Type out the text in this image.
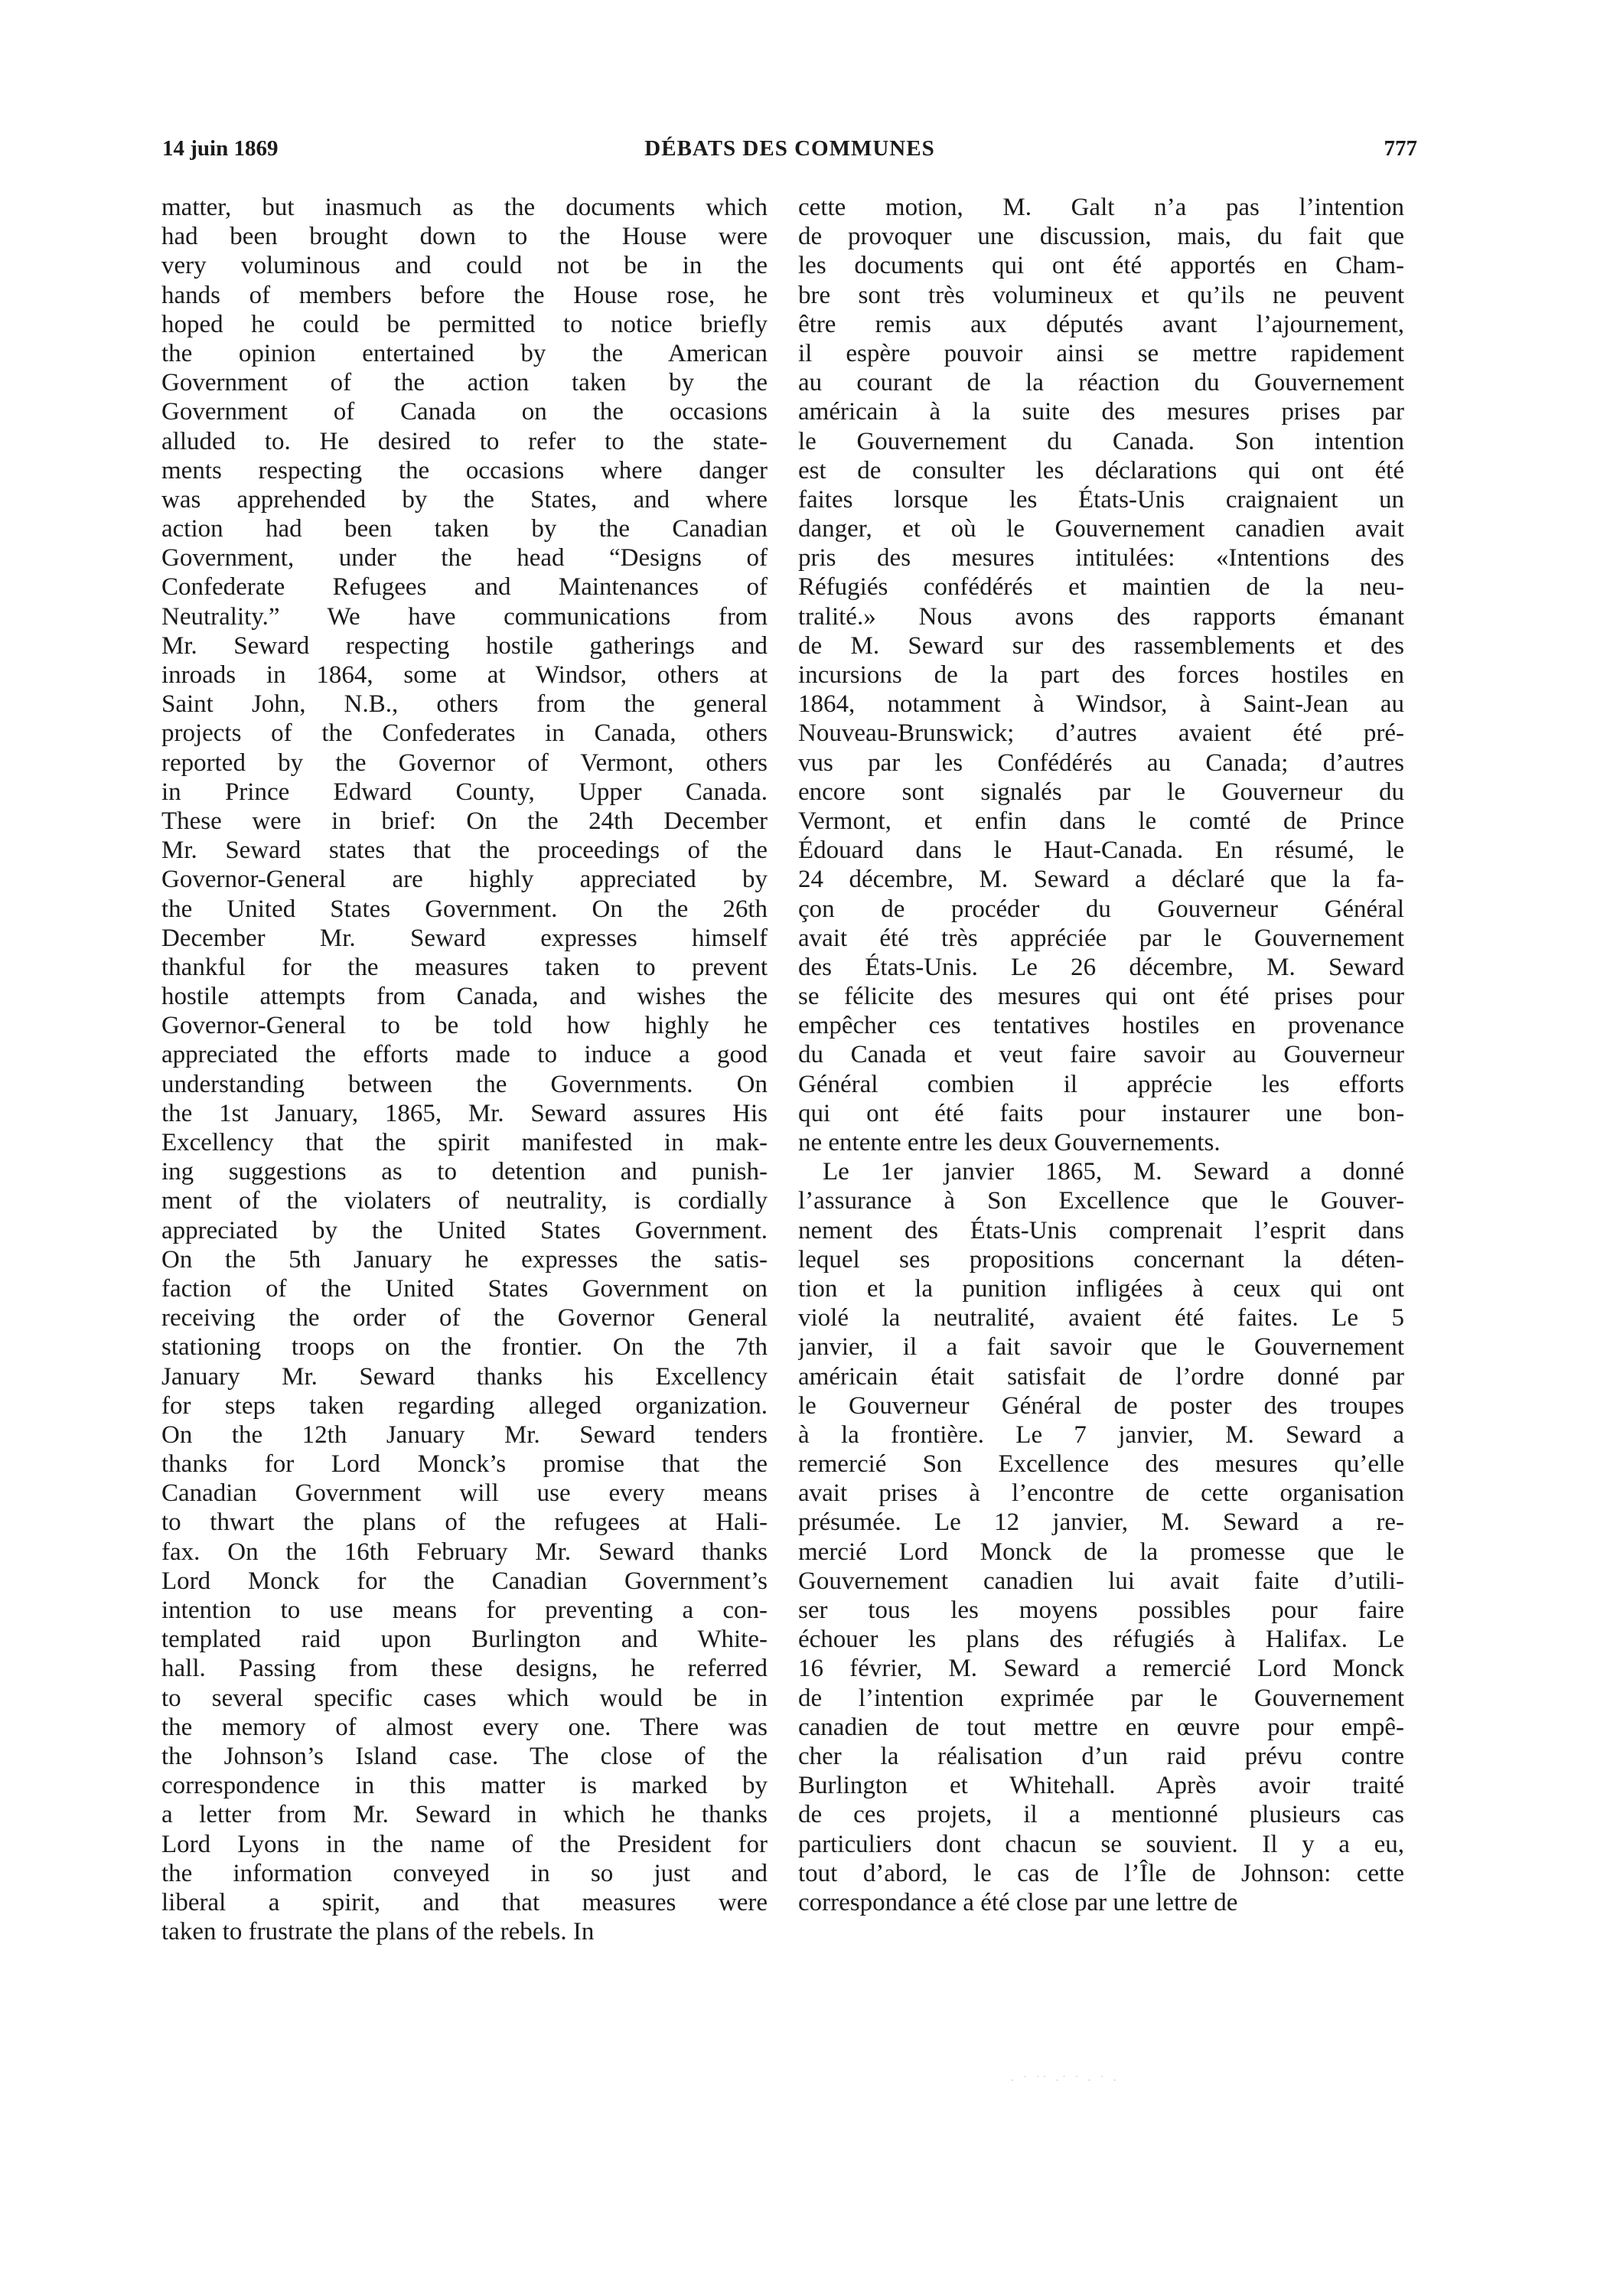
14 juin 1869	DÉBATS DES COMMUNES	777
matter, but inasmuch as the documents which
had been brought down to the House were
very voluminous and could not be in the
hands of members before the House rose, he
hoped he could be permitted to notice briefly
the opinion entertained by the American
Government of the action taken by the
Government of Canada on the occasions
alluded to. He desired to refer to the state-
ments respecting the occasions where danger
was apprehended by the States, and where
action had been taken by the Canadian
Government, under the head “Designs of
Confederate Refugees and Maintenances of
Neutrality.” We have communications from
Mr. Seward respecting hostile gatherings and
inroads in 1864, some at Windsor, others at
Saint John, N.B., others from the general
projects of the Confederates in Canada, others
reported by the Governor of Vermont, others
in Prince Edward County, Upper Canada.
These were in brief: On the 24th December
Mr. Seward states that the proceedings of the
Governor-General are highly appreciated by
the United States Government. On the 26th
December Mr. Seward expresses himself
thankful for the measures taken to prevent
hostile attempts from Canada, and wishes the
Governor-General to be told how highly he
appreciated the efforts made to induce a good
understanding between the Governments. On
the 1st January, 1865, Mr. Seward assures His
Excellency that the spirit manifested in mak-
ing suggestions as to detention and punish-
ment of the violaters of neutrality, is cordially
appreciated by the United States Government.
On the 5th January he expresses the satis-
faction of the United States Government on
receiving the order of the Governor General
stationing troops on the frontier. On the 7th
January Mr. Seward thanks his Excellency
for steps taken regarding alleged organization.
On the 12th January Mr. Seward tenders
thanks for Lord Monck’s promise that the
Canadian Government will use every means
to thwart the plans of the refugees at Hali-
fax. On the 16th February Mr. Seward thanks
Lord Monck for the Canadian Government’s
intention to use means for preventing a con-
templated raid upon Burlington and White-
hall. Passing from these designs, he referred
to several specific cases which would be in
the memory of almost every one. There was
the Johnson’s Island case. The close of the
correspondence in this matter is marked by
a letter from Mr. Seward in which he thanks
Lord Lyons in the name of the President for
the information conveyed in so just and
liberal a spirit, and that measures were
taken to frustrate the plans of the rebels. In
cette motion, M. Galt n’a pas l’intention
de provoquer une discussion, mais, du fait que
les documents qui ont été apportés en Cham-
bre sont très volumineux et qu’ils ne peuvent
être remis aux députés avant l’ajournement,
il espère pouvoir ainsi se mettre rapidement
au courant de la réaction du Gouvernement
américain à la suite des mesures prises par
le Gouvernement du Canada. Son intention
est de consulter les déclarations qui ont été
faites lorsque les États-Unis craignaient un
danger, et où le Gouvernement canadien avait
pris des mesures intitulées: «Intentions des
Réfugiés confédérés et maintien de la neu-
tralité.» Nous avons des rapports émanant
de M. Seward sur des rassemblements et des
incursions de la part des forces hostiles en
1864, notamment à Windsor, à Saint-Jean au
Nouveau-Brunswick; d’autres avaient été pré-
vus par les Confédérés au Canada; d’autres
encore sont signalés par le Gouverneur du
Vermont, et enfin dans le comté de Prince
Édouard dans le Haut-Canada. En résumé, le
24 décembre, M. Seward a déclaré que la fa-
çon de procéder du Gouverneur Général
avait été très appréciée par le Gouvernement
des États-Unis. Le 26 décembre, M. Seward
se félicite des mesures qui ont été prises pour
empêcher ces tentatives hostiles en provenance
du Canada et veut faire savoir au Gouverneur
Général combien il apprécie les efforts
qui ont été faits pour instaurer une bon-
ne entente entre les deux Gouvernements.
Le 1er janvier 1865, M. Seward a donné
l’assurance à Son Excellence que le Gouver-
nement des États-Unis comprenait l’esprit dans
lequel ses propositions concernant la déten-
tion et la punition infligées à ceux qui ont
violé la neutralité, avaient été faites. Le 5
janvier, il a fait savoir que le Gouvernement
américain était satisfait de l’ordre donné par
le Gouverneur Général de poster des troupes
à la frontière. Le 7 janvier, M. Seward a
remercié Son Excellence des mesures qu’elle
avait prises à l’encontre de cette organisation
présumée. Le 12 janvier, M. Seward a re-
mercié Lord Monck de la promesse que le
Gouvernement canadien lui avait faite d’utili-
ser tous les moyens possibles pour faire
échouer les plans des réfugiés à Halifax. Le
16 février, M. Seward a remercié Lord Monck
de l’intention exprimée par le Gouvernement
canadien de tout mettre en œuvre pour empê-
cher la réalisation d’un raid prévu contre
Burlington et Whitehall. Après avoir traité
de ces projets, il a mentionné plusieurs cas
particuliers dont chacun se souvient. Il y a eu,
tout d’abord, le cas de l’Île de Johnson: cette
correspondance a été close par une lettre de
· ˙ ˙˙ ·˙ ˙ · ˙ ·
